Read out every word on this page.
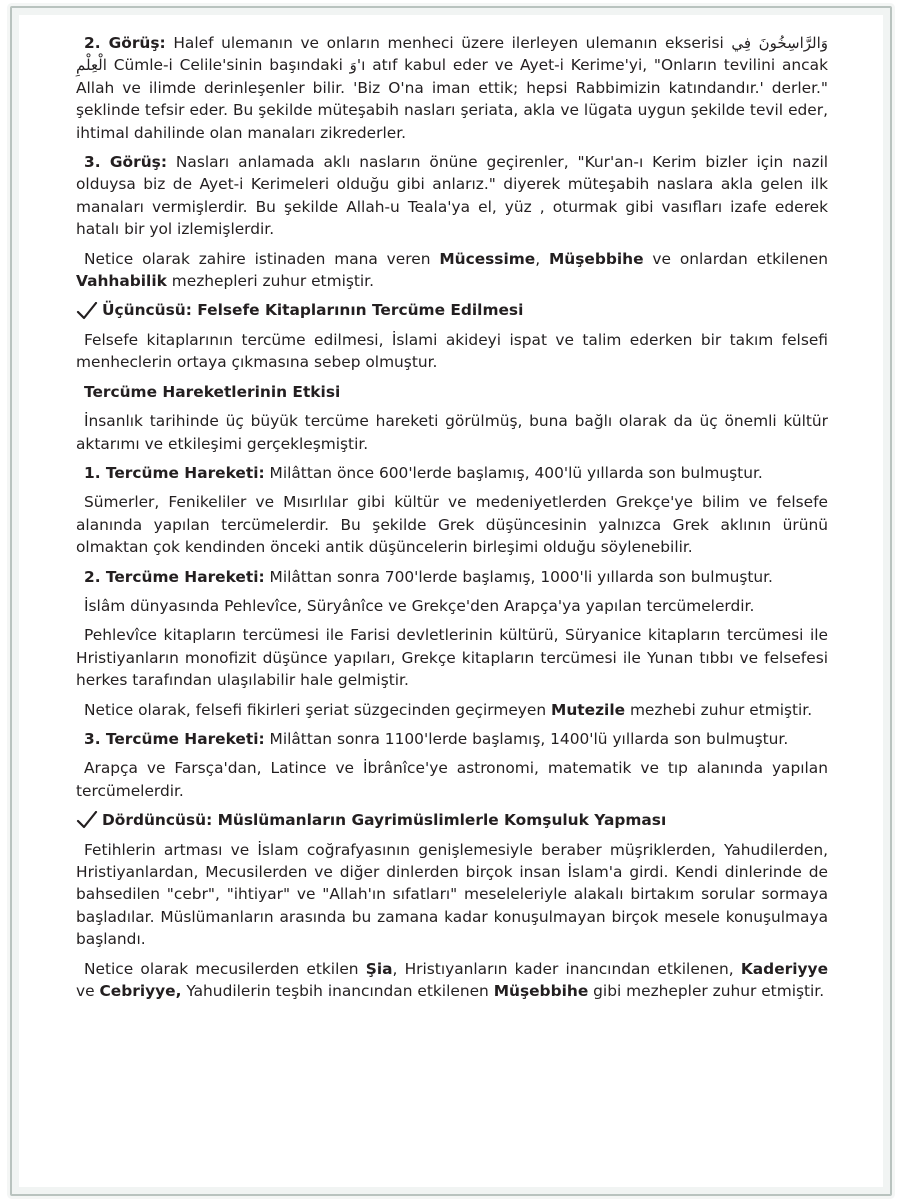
2. Görüş: Halef ulemanın ve onların menheci üzere ilerleyen ulemanın ekserisi وَالرَّاسِخُونَ فِي الْعِلْمِ Cümle-i Celile'sinin başındaki وَ'ı atıf kabul eder ve Ayet-i Kerime'yi, "Onların tevilini ancak Allah ve ilimde derinleşenler bilir. 'Biz O'na iman ettik; hepsi Rabbimizin katındandır.' derler." şeklinde tefsir eder. Bu şekilde müteşabih nasları şeriata, akla ve lügata uygun şekilde tevil eder, ihtimal dahilinde olan manaları zikrederler.

3. Görüş: Nasları anlamada aklı nasların önüne geçirenler, "Kur'an-ı Kerim bizler için nazil olduysa biz de Ayet-i Kerimeleri olduğu gibi anlarız." diyerek müteşabih naslara akla gelen ilk manaları vermişlerdir. Bu şekilde Allah-u Teala'ya el, yüz , oturmak gibi vasıfları izafe ederek hatalı bir yol izlemişlerdir.

Netice olarak zahire istinaden mana veren Mücessime, Müşebbihe ve onlardan etkilenen Vahhabilik mezhepleri zuhur etmiştir.

Üçüncüsü: Felsefe Kitaplarının Tercüme Edilmesi

Felsefe kitaplarının tercüme edilmesi, İslami akideyi ispat ve talim ederken bir takım felsefi menheclerin ortaya çıkmasına sebep olmuştur.

Tercüme Hareketlerinin Etkisi

İnsanlık tarihinde üç büyük tercüme hareketi görülmüş, buna bağlı olarak da üç önemli kültür aktarımı ve etkileşimi gerçekleşmiştir.

1. Tercüme Hareketi: Milâttan önce 600'lerde başlamış, 400'lü yıllarda son bulmuştur.

Sümerler, Fenikeliler ve Mısırlılar gibi kültür ve medeniyetlerden Grekçe'ye bilim ve felsefe alanında yapılan tercümelerdir. Bu şekilde Grek düşüncesinin yalnızca Grek aklının ürünü olmaktan çok kendinden önceki antik düşüncelerin birleşimi olduğu söylenebilir.

2. Tercüme Hareketi: Milâttan sonra 700'lerde başlamış, 1000'li yıllarda son bulmuştur.

İslâm dünyasında Pehlevîce, Süryânîce ve Grekçe'den Arapça'ya yapılan tercümelerdir.

Pehlevîce kitapların tercümesi ile Farisi devletlerinin kültürü, Süryanice kitapların tercümesi ile Hristiyanların monofizit düşünce yapıları, Grekçe kitapların tercümesi ile Yunan tıbbı ve felsefesi herkes tarafından ulaşılabilir hale gelmiştir.

Netice olarak, felsefi fikirleri şeriat süzgecinden geçirmeyen Mutezile mezhebi zuhur etmiştir.

3. Tercüme Hareketi: Milâttan sonra 1100'lerde başlamış, 1400'lü yıllarda son bulmuştur.

Arapça ve Farsça'dan, Latince ve İbrânîce'ye astronomi, matematik ve tıp alanında yapılan tercümelerdir.

Dördüncüsü: Müslümanların Gayrimüslimlerle Komşuluk Yapması

Fetihlerin artması ve İslam coğrafyasının genişlemesiyle beraber müşriklerden, Yahudilerden, Hristiyanlardan, Mecusilerden ve diğer dinlerden birçok insan İslam'a girdi. Kendi dinlerinde de bahsedilen "cebr", "ihtiyar" ve "Allah'ın sıfatları" meseleleriyle alakalı birtakım sorular sormaya başladılar. Müslümanların arasında bu zamana kadar konuşulmayan birçok mesele konuşulmaya başlandı.

Netice olarak mecusilerden etkilen Şia, Hristıyanların kader inancından etkilenen, Kaderiyye ve Cebriyye, Yahudilerin teşbih inancından etkilenen Müşebbihe gibi mezhepler zuhur etmiştir.
